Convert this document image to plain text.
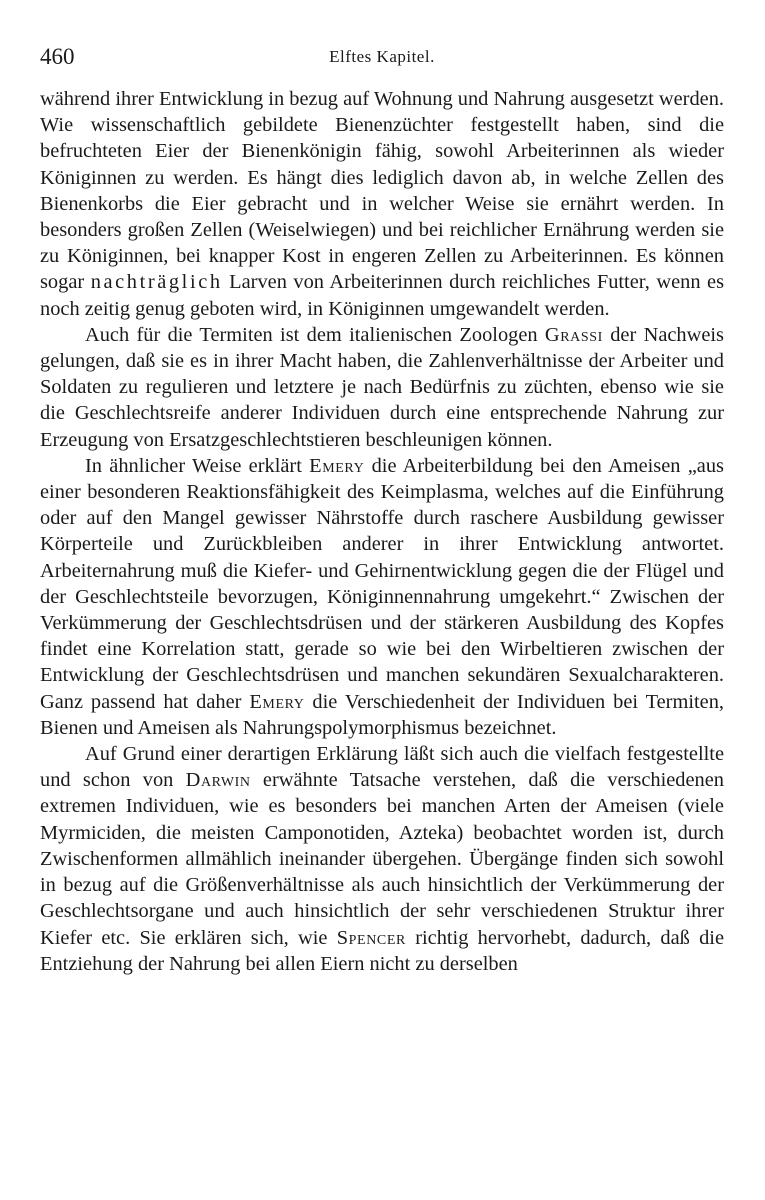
460	Elftes Kapitel.

während ihrer Entwicklung in bezug auf Wohnung und Nahrung ausgesetzt werden. Wie wissenschaftlich gebildete Bienenzüchter festgestellt haben, sind die befruchteten Eier der Bienenkönigin fähig, sowohl Arbeiterinnen als wieder Königinnen zu werden. Es hängt dies lediglich davon ab, in welche Zellen des Bienenkorbs die Eier gebracht und in welcher Weise sie ernährt werden. In besonders großen Zellen (Weiselwiegen) und bei reichlicher Ernährung werden sie zu Königinnen, bei knapper Kost in engeren Zellen zu Arbeiterinnen. Es können sogar nachträglich Larven von Arbeiterinnen durch reichliches Futter, wenn es noch zeitig genug geboten wird, in Königinnen umgewandelt werden.

Auch für die Termiten ist dem italienischen Zoologen Grassi der Nachweis gelungen, daß sie es in ihrer Macht haben, die Zahlenverhältnisse der Arbeiter und Soldaten zu regulieren und letztere je nach Bedürfnis zu züchten, ebenso wie sie die Geschlechtsreife anderer Individuen durch eine entsprechende Nahrung zur Erzeugung von Ersatzgeschlechtstieren beschleunigen können.

In ähnlicher Weise erklärt Emery die Arbeiterbildung bei den Ameisen „aus einer besonderen Reaktionsfähigkeit des Keimplasma, welches auf die Einführung oder auf den Mangel gewisser Nährstoffe durch raschere Ausbildung gewisser Körperteile und Zurückbleiben anderer in ihrer Entwicklung antwortet. Arbeiternahrung muß die Kiefer- und Gehirnentwicklung gegen die der Flügel und der Geschlechtsteile bevorzugen, Königinnennahrung umgekehrt.“ Zwischen der Verkümmerung der Geschlechtsdrüsen und der stärkeren Ausbildung des Kopfes findet eine Korrelation statt, gerade so wie bei den Wirbeltieren zwischen der Entwicklung der Geschlechtsdrüsen und manchen sekundären Sexualcharakteren. Ganz passend hat daher Emery die Verschiedenheit der Individuen bei Termiten, Bienen und Ameisen als Nahrungspolymorphismus bezeichnet.

Auf Grund einer derartigen Erklärung läßt sich auch die vielfach festgestellte und schon von Darwin erwähnte Tatsache verstehen, daß die verschiedenen extremen Individuen, wie es besonders bei manchen Arten der Ameisen (viele Myrmiciden, die meisten Camponotiden, Azteka) beobachtet worden ist, durch Zwischenformen allmählich ineinander übergehen. Übergänge finden sich sowohl in bezug auf die Größenverhältnisse als auch hinsichtlich der Verkümmerung der Geschlechtsorgane und auch hinsichtlich der sehr verschiedenen Struktur ihrer Kiefer etc. Sie erklären sich, wie Spencer richtig hervorhebt, dadurch, daß die Entziehung der Nahrung bei allen Eiern nicht zu derselben
